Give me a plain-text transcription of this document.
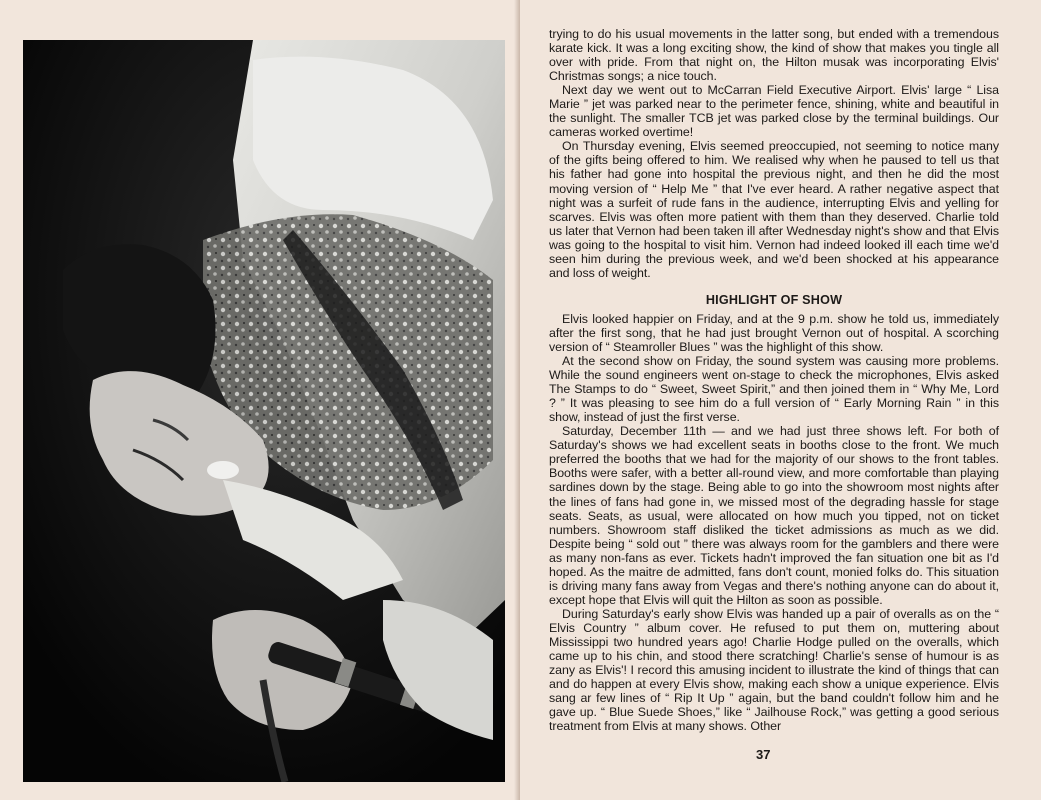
trying to do his usual movements in the latter song, but ended with a tremendous karate kick. It was a long exciting show, the kind of show that makes you tingle all over with pride. From that night on, the Hilton musak was incorporating Elvis' Christmas songs; a nice touch.

Next day we went out to McCarran Field Executive Airport. Elvis' large “ Lisa Marie ” jet was parked near to the perimeter fence, shining, white and beautiful in the sunlight. The smaller TCB jet was parked close by the terminal buildings. Our cameras worked overtime!

On Thursday evening, Elvis seemed preoccupied, not seeming to notice many of the gifts being offered to him. We realised why when he paused to tell us that his father had gone into hospital the previous night, and then he did the most moving version of “ Help Me ” that I've ever heard. A rather negative aspect that night was a surfeit of rude fans in the audience, interrupting Elvis and yelling for scarves. Elvis was often more patient with them than they deserved. Charlie told us later that Vernon had been taken ill after Wednesday night's show and that Elvis was going to the hospital to visit him. Vernon had indeed looked ill each time we'd seen him during the previous week, and we'd been shocked at his appearance and loss of weight.

HIGHLIGHT OF SHOW

Elvis looked happier on Friday, and at the 9 p.m. show he told us, immediately after the first song, that he had just brought Vernon out of hospital. A scorching version of “ Steamroller Blues ” was the highlight of this show.

At the second show on Friday, the sound system was causing more problems. While the sound engineers went on-stage to check the microphones, Elvis asked The Stamps to do “ Sweet, Sweet Spirit,” and then joined them in “ Why Me, Lord ? ” It was pleasing to see him do a full version of “ Early Morning Rain ” in this show, instead of just the first verse.

Saturday, December 11th — and we had just three shows left. For both of Saturday's shows we had excellent seats in booths close to the front. We much preferred the booths that we had for the majority of our shows to the front tables. Booths were safer, with a better all-round view, and more comfortable than playing sardines down by the stage. Being able to go into the showroom most nights after the lines of fans had gone in, we missed most of the degrading hassle for stage seats. Seats, as usual, were allocated on how much you tipped, not on ticket numbers. Showroom staff disliked the ticket admissions as much as we did. Despite being “ sold out ” there was always room for the gamblers and there were as many non-fans as ever. Tickets hadn't improved the fan situation one bit as I'd hoped. As the maitre de admitted, fans don't count, monied folks do. This situation is driving many fans away from Vegas and there's nothing anyone can do about it, except hope that Elvis will quit the Hilton as soon as possible.

During Saturday's early show Elvis was handed up a pair of overalls as on the “ Elvis Country ” album cover. He refused to put them on, muttering about Mississippi two hundred years ago! Charlie Hodge pulled on the overalls, which came up to his chin, and stood there scratching! Charlie's sense of humour is as zany as Elvis'! I record this amusing incident to illustrate the kind of things that can and do happen at every Elvis show, making each show a unique experience. Elvis sang ar few lines of “ Rip It Up ” again, but the band couldn't follow him and he gave up. “ Blue Suede Shoes,” like “ Jailhouse Rock,” was getting a good serious treatment from Elvis at many shows. Other

37
